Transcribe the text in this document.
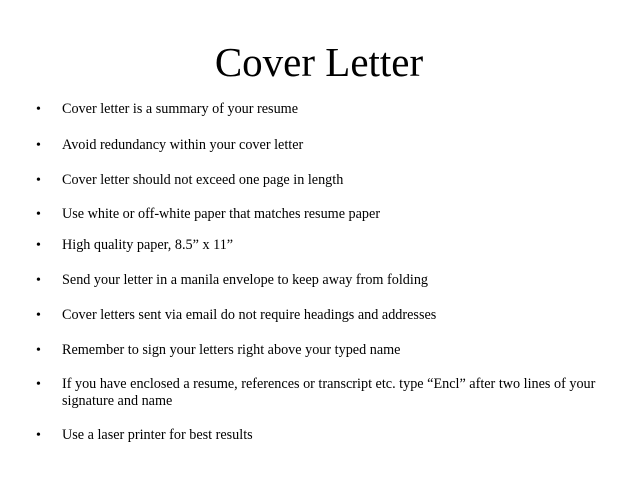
Cover Letter
• Cover letter is a summary of your resume
• Avoid redundancy within your cover letter
• Cover letter should not exceed one page in length
• Use white or off-white paper that matches resume paper
• High quality paper, 8.5” x 11”
• Send your letter in a manila envelope to keep away from folding
• Cover letters sent via email do not require headings and addresses
• Remember to sign your letters right above your typed name
• If you have enclosed a resume, references or transcript etc. type “Encl” after two lines of your signature and name
• Use a laser printer for best results
